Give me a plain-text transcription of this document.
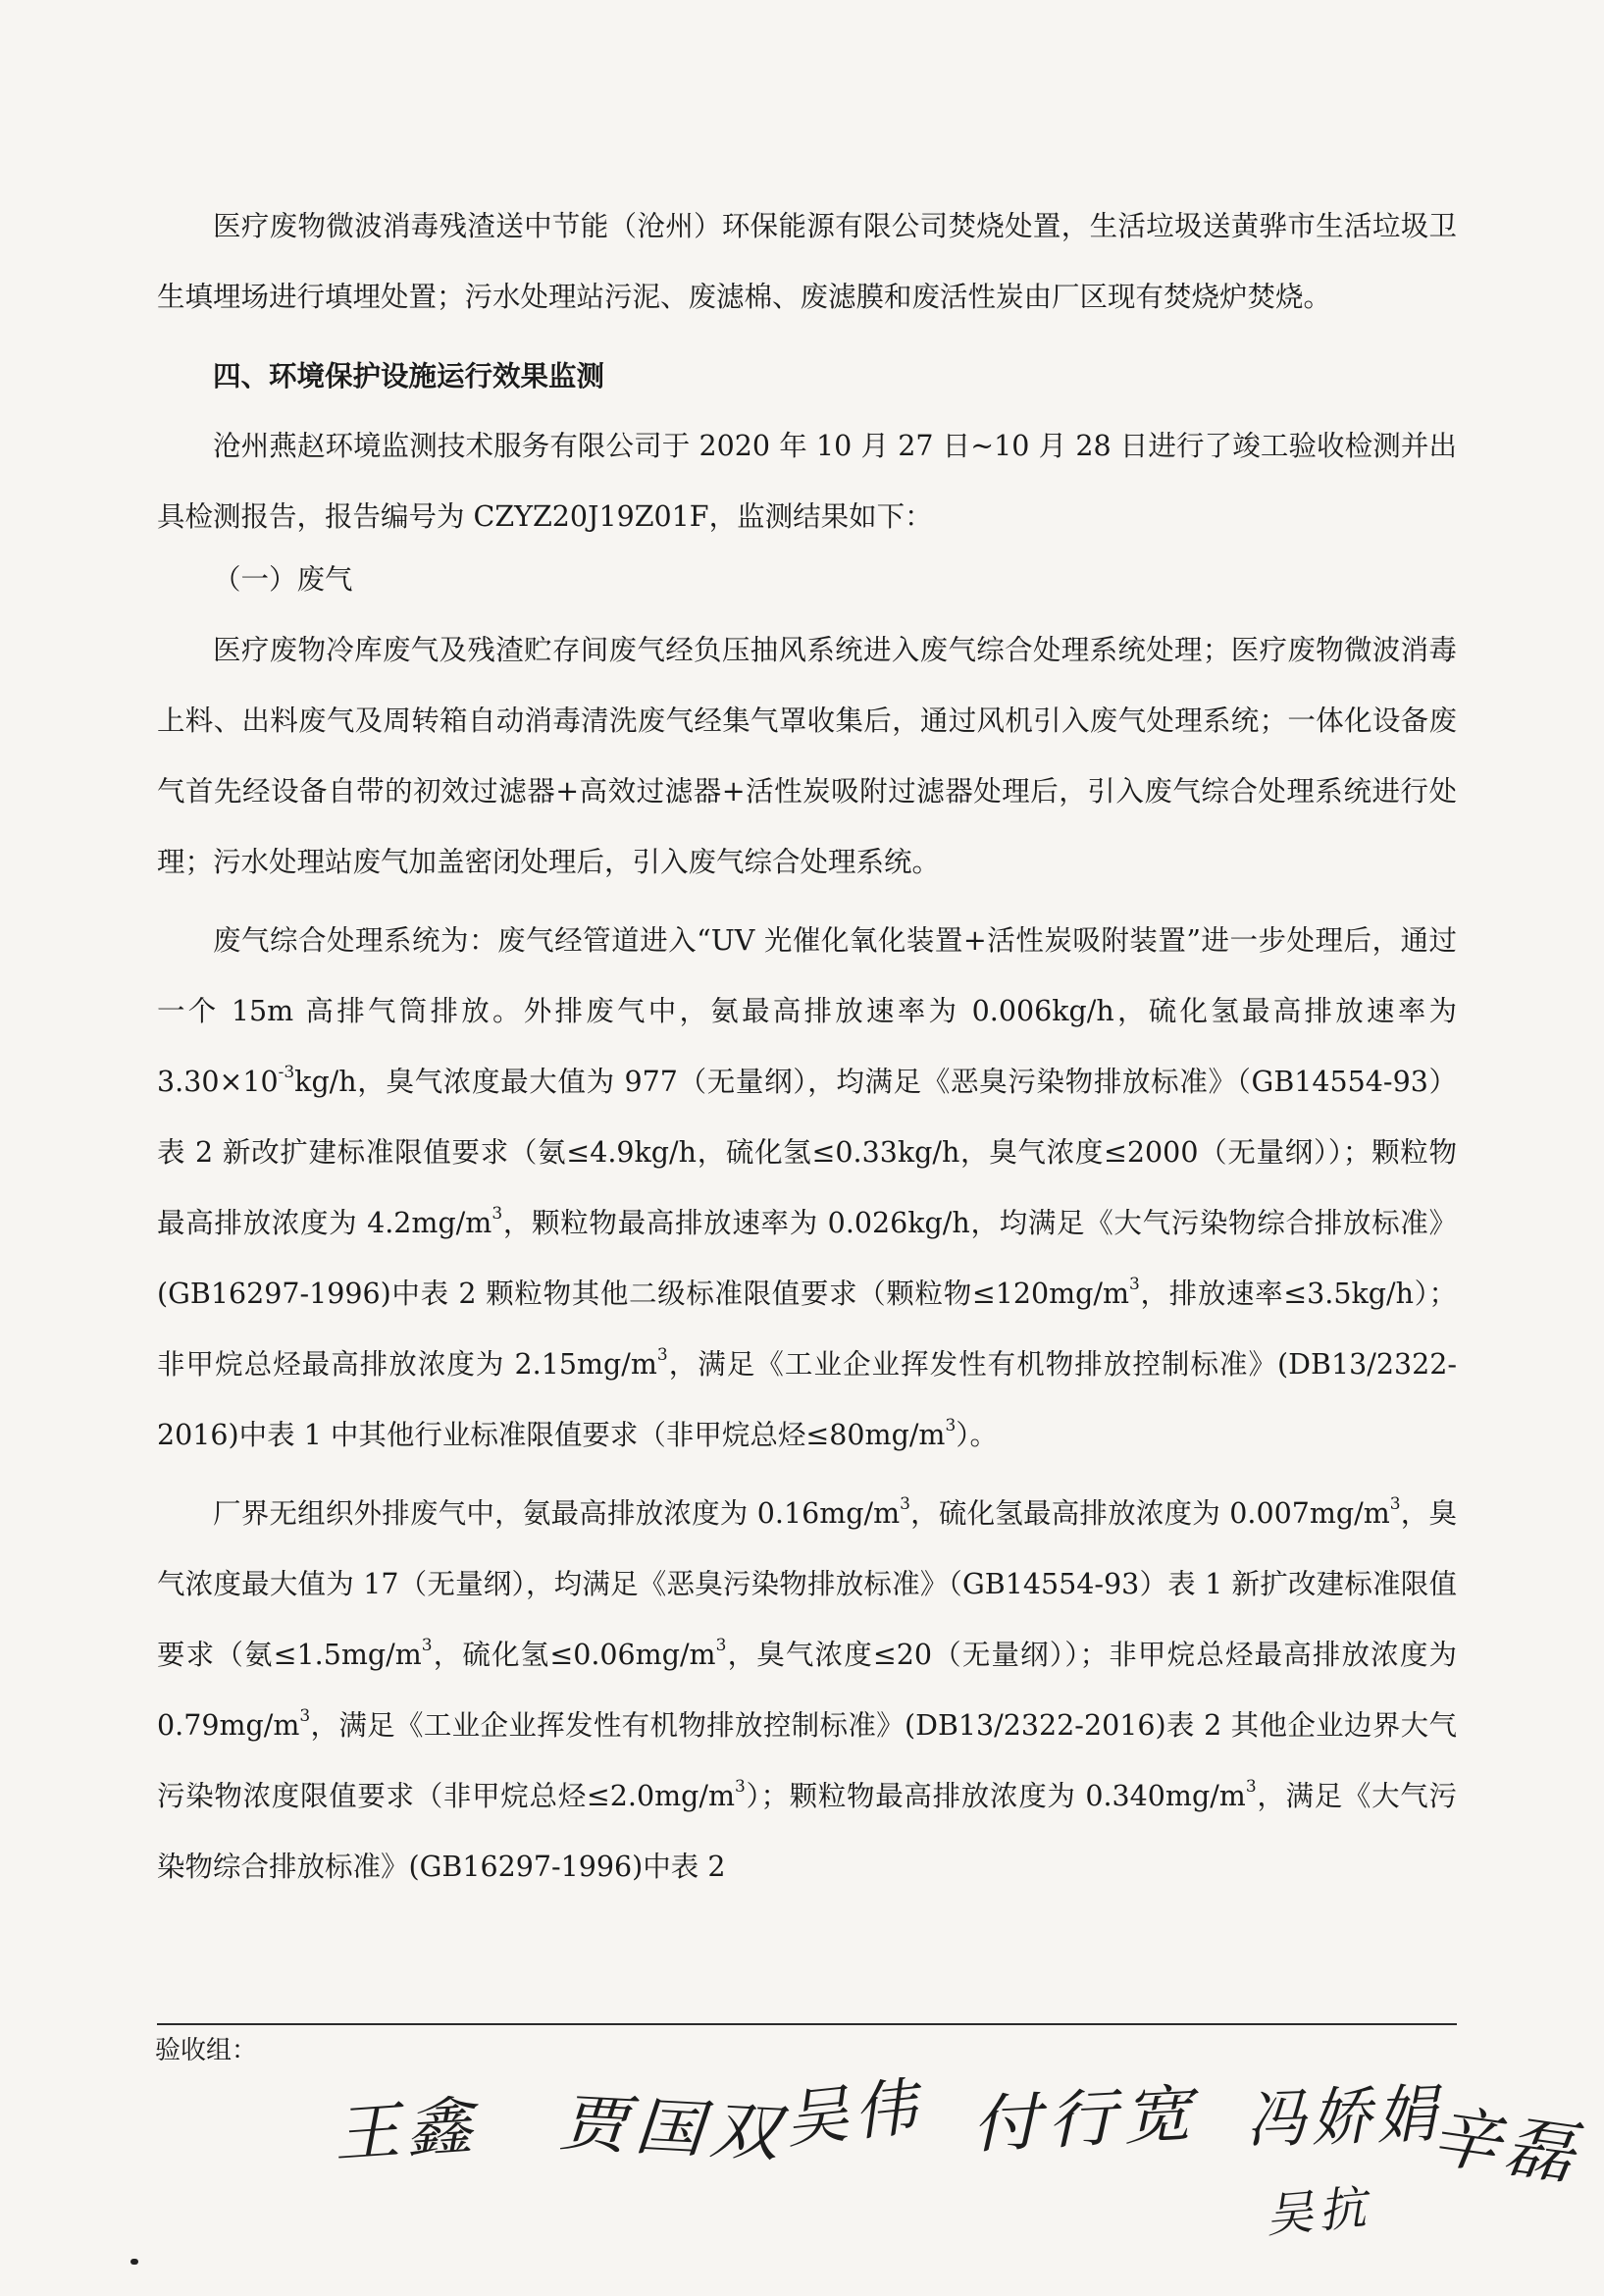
医疗废物微波消毒残渣送中节能（沧州）环保能源有限公司焚烧处置，生活垃圾送黄骅市生活垃圾卫生填埋场进行填埋处置；污水处理站污泥、废滤棉、废滤膜和废活性炭由厂区现有焚烧炉焚烧。

四、环境保护设施运行效果监测

沧州燕赵环境监测技术服务有限公司于 2020 年 10 月 27 日~10 月 28 日进行了竣工验收检测并出具检测报告，报告编号为 CZYZ20J19Z01F，监测结果如下：

（一）废气

医疗废物冷库废气及残渣贮存间废气经负压抽风系统进入废气综合处理系统处理；医疗废物微波消毒上料、出料废气及周转箱自动消毒清洗废气经集气罩收集后，通过风机引入废气处理系统；一体化设备废气首先经设备自带的初效过滤器+高效过滤器+活性炭吸附过滤器处理后，引入废气综合处理系统进行处理；污水处理站废气加盖密闭处理后，引入废气综合处理系统。

废气综合处理系统为：废气经管道进入“UV 光催化氧化装置+活性炭吸附装置”进一步处理后，通过一个 15m 高排气筒排放。外排废气中，氨最高排放速率为 0.006kg/h，硫化氢最高排放速率为 $3.30\times 10^{-3}kg/h$，臭气浓度最大值为 977（无量纲），均满足《恶臭污染物排放标准》（GB14554-93）表 2 新改扩建标准限值要求（氨≤4.9kg/h，硫化氢≤0.33kg/h，臭气浓度≤2000（无量纲））；颗粒物最高排放浓度为 $4.2mg/m^3$，颗粒物最高排放速率为 0.026kg/h，均满足《大气污染物综合排放标准》(GB16297-1996)中表 2 颗粒物其他二级标准限值要求（颗粒物$\le 120mg/m^3$，排放速率≤3.5kg/h）；非甲烷总烃最高排放浓度为 $2.15mg/m^3$，满足《工业企业挥发性有机物排放控制标准》(DB13/2322-2016)中表 1 中其他行业标准限值要求（非甲烷总烃$\le 80mg/m^3$）。

厂界无组织外排废气中，氨最高排放浓度为 $0.16mg/m^3$，硫化氢最高排放浓度为 $0.007mg/m^3$，臭气浓度最大值为 17（无量纲），均满足《恶臭污染物排放标准》（GB14554-93）表 1 新扩改建标准限值要求（氨$\le 1.5mg/m^3$，硫化氢$\le 0.06mg/m^3$，臭气浓度≤20（无量纲））；非甲烷总烃最高排放浓度为 $0.79mg/m^3$，满足《工业企业挥发性有机物排放控制标准》(DB13/2322-2016)表 2 其他企业边界大气污染物浓度限值要求（非甲烷总烃$\le 2.0mg/m^3$）；颗粒物最高排放浓度为 $0.340mg/m^3$，满足《大气污染物综合排放标准》(GB16297-1996)中表 2

验收组：
王鑫 贾国双
吴伟 付行宽 冯娇娟
吴抗
辛磊
